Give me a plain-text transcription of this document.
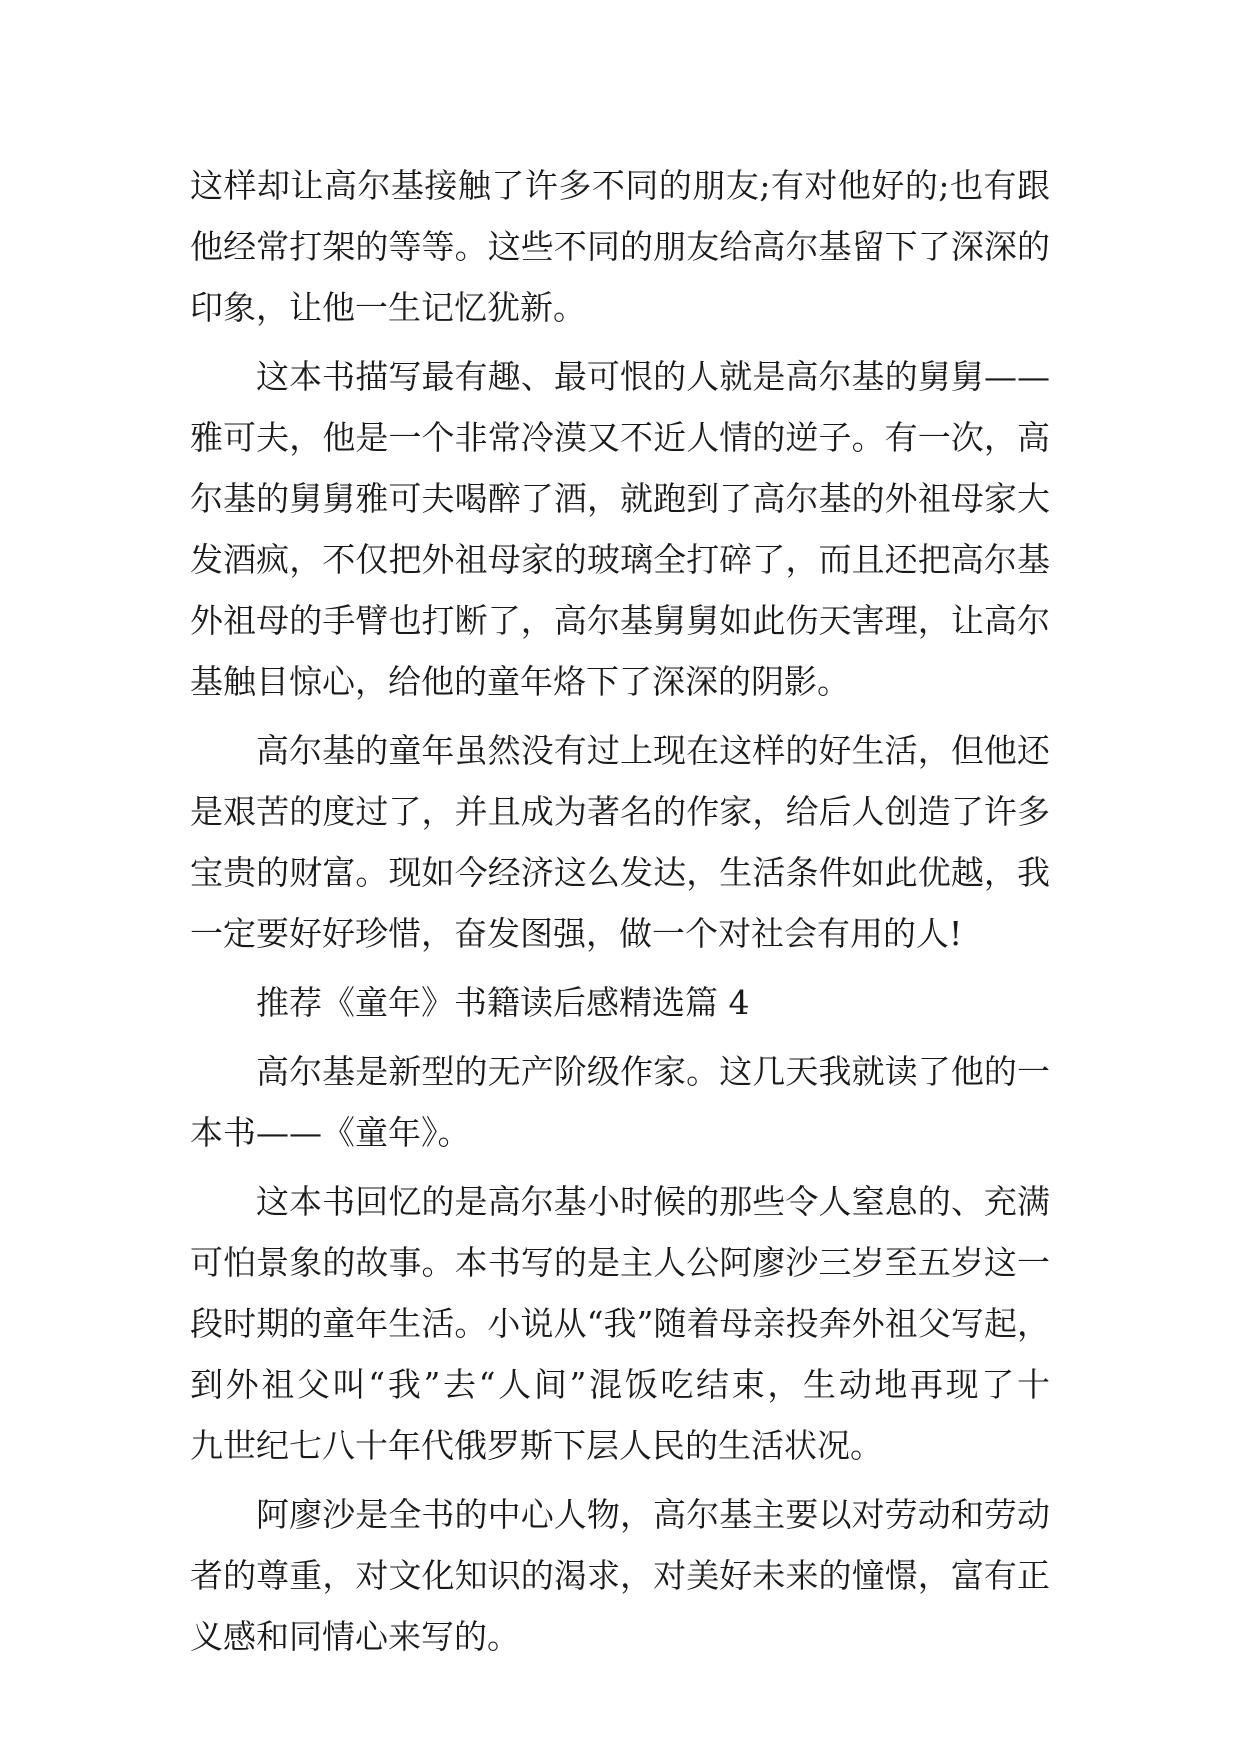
这样却让高尔基接触了许多不同的朋友;有对他好的;也有跟
他经常打架的等等。这些不同的朋友给高尔基留下了深深的
印象，让他一生记忆犹新。
这本书描写最有趣、最可恨的人就是高尔基的舅舅——
雅可夫，他是一个非常冷漠又不近人情的逆子。有一次，高
尔基的舅舅雅可夫喝醉了酒，就跑到了高尔基的外祖母家大
发酒疯，不仅把外祖母家的玻璃全打碎了，而且还把高尔基
外祖母的手臂也打断了，高尔基舅舅如此伤天害理，让高尔
基触目惊心，给他的童年烙下了深深的阴影。
高尔基的童年虽然没有过上现在这样的好生活，但他还
是艰苦的度过了，并且成为著名的作家，给后人创造了许多
宝贵的财富。现如今经济这么发达，生活条件如此优越，我
一定要好好珍惜，奋发图强，做一个对社会有用的人!
推荐《童年》书籍读后感精选篇 4
高尔基是新型的无产阶级作家。这几天我就读了他的一
本书——《童年》。
这本书回忆的是高尔基小时候的那些令人窒息的、充满
可怕景象的故事。本书写的是主人公阿廖沙三岁至五岁这一
段时期的童年生活。小说从“我”随着母亲投奔外祖父写起，
到外祖父叫“我”去“人间”混饭吃结束，生动地再现了十
九世纪七八十年代俄罗斯下层人民的生活状况。
阿廖沙是全书的中心人物，高尔基主要以对劳动和劳动
者的尊重，对文化知识的渴求，对美好未来的憧憬，富有正
义感和同情心来写的。
